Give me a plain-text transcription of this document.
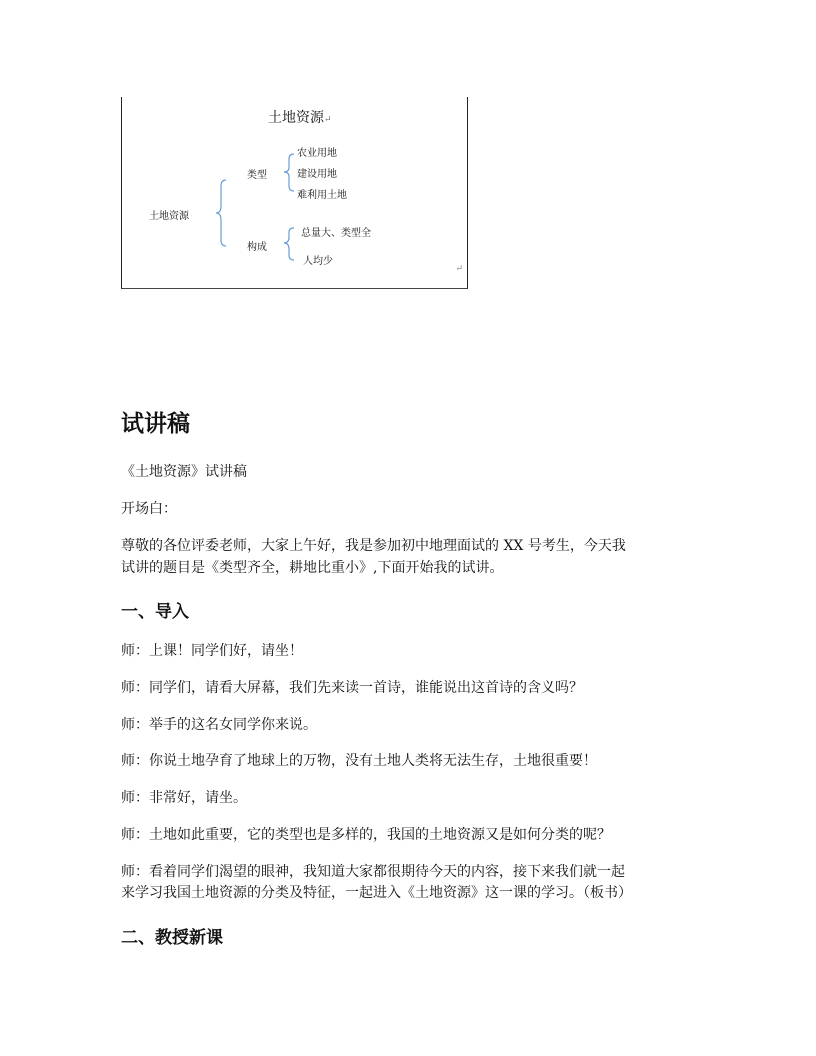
土地资源↵
土地资源
类型
农业用地
建设用地
难利用土地
构成
总量大、类型全
人均少
↵
试讲稿

《土地资源》试讲稿

开场白：

尊敬的各位评委老师，大家上午好，我是参加初中地理面试的 XX 号考生，今天我

试讲的题目是《类型齐全，耕地比重小》,下面开始我的试讲。

一、导入

师：上课！同学们好，请坐！

师：同学们，请看大屏幕，我们先来读一首诗，谁能说出这首诗的含义吗？

师：举手的这名女同学你来说。

师：你说土地孕育了地球上的万物，没有土地人类将无法生存，土地很重要！

师：非常好，请坐。

师：土地如此重要，它的类型也是多样的，我国的土地资源又是如何分类的呢？

师：看着同学们渴望的眼神，我知道大家都很期待今天的内容，接下来我们就一起

来学习我国土地资源的分类及特征，一起进入《土地资源》这一课的学习。（板书）

二、教授新课
